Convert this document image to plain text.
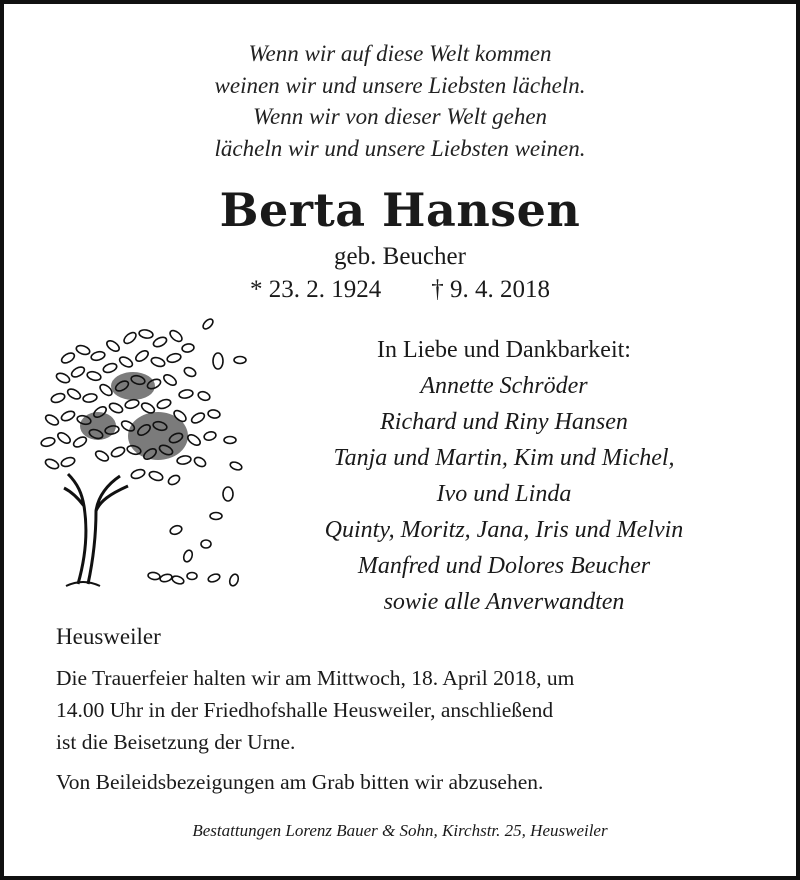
Wenn wir auf diese Welt kommen
weinen wir und unsere Liebsten lächeln.
Wenn wir von dieser Welt gehen
lächeln wir und unsere Liebsten weinen.
Berta Hansen
geb. Beucher
* 23. 2. 1924 † 9. 4. 2018
In Liebe und Dankbarkeit:
Annette Schröder
Richard und Riny Hansen
Tanja und Martin, Kim und Michel,
Ivo und Linda
Quinty, Moritz, Jana, Iris und Melvin
Manfred und Dolores Beucher
sowie alle Anverwandten
Heusweiler
Die Trauerfeier halten wir am Mittwoch, 18. April 2018, um
14.00 Uhr in der Friedhofshalle Heusweiler, anschließend
ist die Beisetzung der Urne.
Von Beileidsbezeigungen am Grab bitten wir abzusehen.
Bestattungen Lorenz Bauer & Sohn, Kirchstr. 25, Heusweiler
